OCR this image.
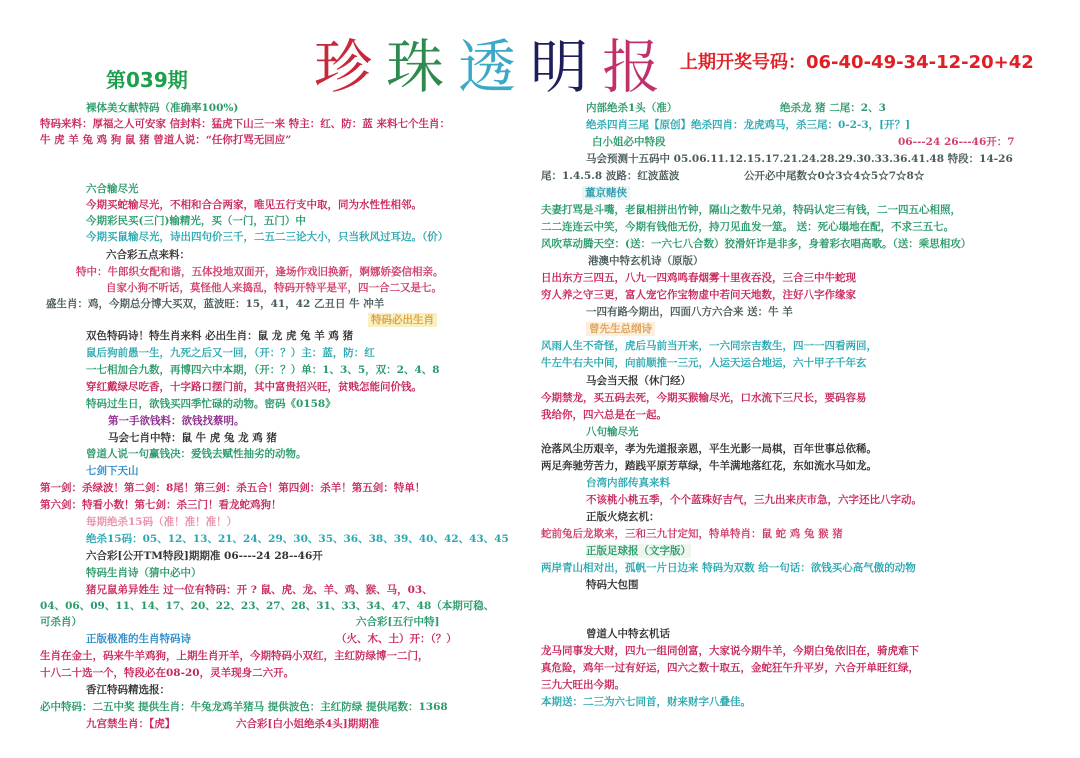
珍 珠 透 明 报
第039期
上期开奖号码：06-40-49-34-12-20+42
裸体美女献特码（准确率100%)
特码来料：厚福之人可安家 信封料：猛虎下山三一来 特主：红、防：蓝 来料七个生肖：
牛 虎 羊 兔 鸡 狗 鼠 猪 曾道人说：“任你打骂无回应”
六合输尽光
今期买蛇输尽光，不相和合合两家，唯见五行支中取，同为水性性相邻。
今期彩民买(三门)输精光，买（一门，五门）中
今期买鼠输尽光，诗出四句价三千，二五二三论大小，只当秋风过耳边。（价）
六合彩五点来料：
特中：牛郎织女配和谐，五体投地双面开，逢场作戏旧换新，婀娜娇姿信相亲。
自家小狗不听话，莫怪他人来捣乱，特码开特平是平，四一合二又是七。
盛生肖：鸡，今期总分博大买双，蓝波旺：15，41，42 乙丑日 牛 冲羊
特码必出生肖
双色特码诗！特生肖来料 必出生肖：鼠 龙 虎 兔 羊 鸡 猪
鼠后狗前愚一生，九死之后又一回，（开：？）主：蓝，防：红
一七相加合九数，再博四六中本期，（开：？）单：1、3、5，双：2、4、8
穿红戴绿尽吃香，十字路口摆门前，其中富贵招兴旺，贫贱怎能问价钱。
特码过生日，欲钱买四季忙碌的动物。密码《0158》
第一手欲钱料：欲钱找蔡明。
马会七肖中特：鼠 牛 虎 兔 龙 鸡 猪
曾道人说一句赢钱决：爱钱去赋性抽劣的动物。
七剑下天山
第一剑：杀绿波！第二剑：8尾！第三剑：杀五合！第四剑：杀羊！第五剑：特单！
第六剑：特看小数！第七剑：杀三门！看龙蛇鸡狗！
每期绝杀15码（准！准！准！）
绝杀15码：05、12、13、21、24、29、30、35、36、38、39、40、42、43、45
六合彩[公开TM特段]期期准 06----24 28--46开
特码生肖诗（猜中必中）
猪兄鼠弟异姓生 过一位有特码：开 ? 鼠、虎、龙、羊、鸡、猴、马，03、
04、06、09、11、14、17、20、22、23、27、28、31、33、34、47、48（本期可稳、
可杀肖）	六合彩[五行中特]
正版极准的生肖特码诗	（火、木、土）开：（？）
生肖在金土，码来牛羊鸡狗，上期生肖开羊，今期特码小双红，主红防绿博一二门，
十八二十选一个，特段必在08-20，灵羊现身二六开。
香江特码精选报：
必中特码：二五中奖 提供生肖：牛兔龙鸡羊猪马 提供波色：主红防绿 提供尾数：1368
九宫禁生肖：【虎】	六合彩[白小姐绝杀4头]期期准
内部绝杀1头（准）	绝杀龙 猪 二尾：2、3
绝杀四肖三尾【原创】绝杀四肖：龙虎鸡马，杀三尾：0-2-3，[开？]
白小姐必中特段	06---24 26---46开：7
马会预测十五码中 05.06.11.12.15.17.21.24.28.29.30.33.36.41.48 特段：14-26
尾：1.4.5.8 波路：红波蓝波	公开必中尾数☆0☆3☆4☆5☆7☆8☆
董京赌侠
夫妻打骂是斗嘴，老鼠相拼出竹钟，隔山之数牛兄弟，特码认定三有钱，二一四五心相照，
二二连连云中笑，今期有钱他无份，持刀见血发一筮。 送：死心塌地在配，不求三五七。
风吹草动腾天空：(送：一六七八合数）狡滑奸诈是非多，身着彩衣唱高歌。（送：乘思相攻）
港澳中特玄机诗（原版）
日出东方三四五，八九一四鸡鸣春烟雾十里夜吞没，三合三中牛蛇现
穷人养之守三更，富人宠它作宝物虚中若问天地数，注好八字作缘家
一四有路今期出，四面八方六合来 送：牛 羊
曾先生总纲诗
风雨人生不奇怪，虎后马前当开来，一六同宗吉数生，四一一四看两回，
牛左牛右夫中间，向前顺推一三元，人运天运合地运，六十甲子千年玄
马会当天报（休门经）
今期禁龙，买五码去死，今期买猴输尽光，口水流下三尺长，要码容易
我给你，四六总是在一起。
八句输尽光
沧落风尘历艰辛，孝为先道报亲恩，平生光影一局棋，百年世事总依稀。
两足奔驰劳苦力，踏践平原芳草绿，牛羊满地落红花，东如流水马如龙。
台湾内部传真来料
不该桃小桃五季，个个蓝珠好吉气，三九出来庆市急，六字还比八字动。
正版火烧玄机：
蛇前兔后龙欺来，三和三九甘定知，特单特肖：鼠 蛇 鸡 兔 猴 猪
正版足球报（文字版）
两岸青山相对出，孤帆一片日边来 特码为双数 给一句话：欲钱买心高气傲的动物
特码大包围
曾道人中特玄机话
龙马同事发大财，四九一组同创富，大家说今期牛羊，今期白兔依旧在，骑虎难下
真危险，鸡年一过有好运，四六之数十取五，金蛇狂午升平岁，六合开单旺红绿，
三九大旺出今期。
本期送：二三为六七同首，财来财字八叠佳。
